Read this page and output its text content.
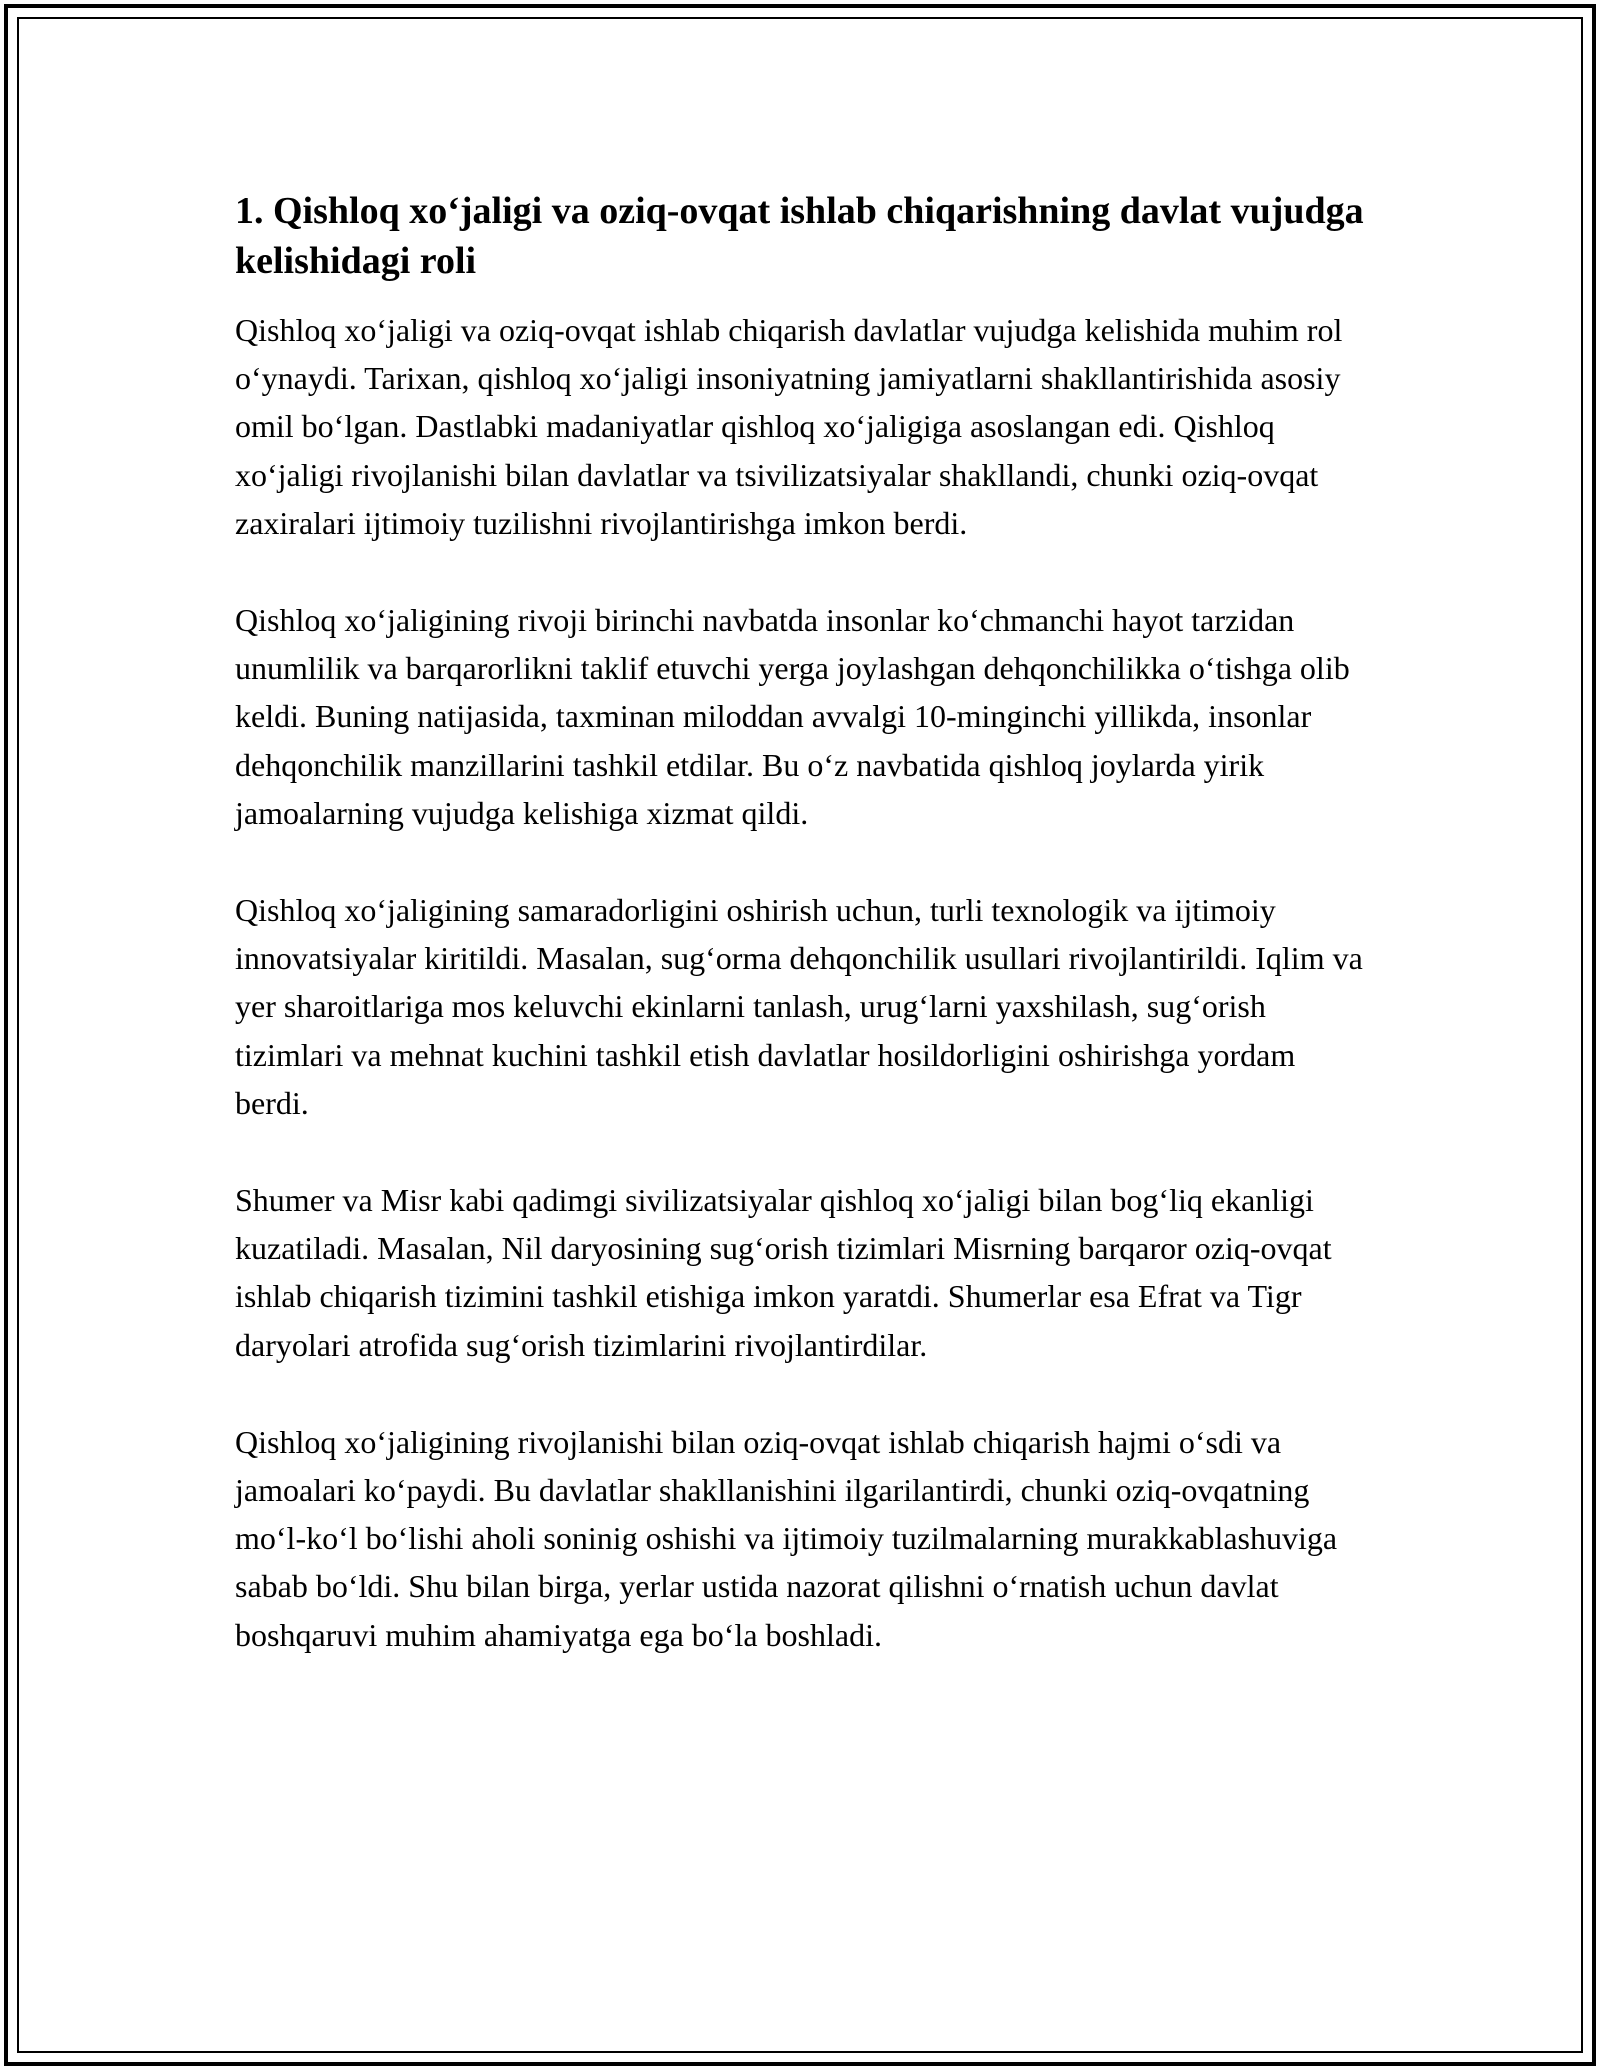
1. Qishloq xo‘jaligi va oziq-ovqat ishlab chiqarishning davlat vujudga kelishidagi roli

Qishloq xo‘jaligi va oziq-ovqat ishlab chiqarish davlatlar vujudga kelishida muhim rol o‘ynaydi. Tarixan, qishloq xo‘jaligi insoniyatning jamiyatlarni shakllantirishida asosiy omil bo‘lgan. Dastlabki madaniyatlar qishloq xo‘jaligiga asoslangan edi. Qishloq xo‘jaligi rivojlanishi bilan davlatlar va tsivilizatsiyalar shakllandi, chunki oziq-ovqat zaxiralari ijtimoiy tuzilishni rivojlantirishga imkon berdi.

Qishloq xo‘jaligining rivoji birinchi navbatda insonlar ko‘chmanchi hayot tarzidan unumlilik va barqarorlikni taklif etuvchi yerga joylashgan dehqonchilikka o‘tishga olib keldi. Buning natijasida, taxminan miloddan avvalgi 10-minginchi yillikda, insonlar dehqonchilik manzillarini tashkil etdilar. Bu o‘z navbatida qishloq joylarda yirik jamoalarning vujudga kelishiga xizmat qildi.

Qishloq xo‘jaligining samaradorligini oshirish uchun, turli texnologik va ijtimoiy innovatsiyalar kiritildi. Masalan, sug‘orma dehqonchilik usullari rivojlantirildi. Iqlim va yer sharoitlariga mos keluvchi ekinlarni tanlash, urug‘larni yaxshilash, sug‘orish tizimlari va mehnat kuchini tashkil etish davlatlar hosildorligini oshirishga yordam berdi.

Shumer va Misr kabi qadimgi sivilizatsiyalar qishloq xo‘jaligi bilan bog‘liq ekanligi kuzatiladi. Masalan, Nil daryosining sug‘orish tizimlari Misrning barqaror oziq-ovqat ishlab chiqarish tizimini tashkil etishiga imkon yaratdi. Shumerlar esa Efrat va Tigr daryolari atrofida sug‘orish tizimlarini rivojlantirdilar.

Qishloq xo‘jaligining rivojlanishi bilan oziq-ovqat ishlab chiqarish hajmi o‘sdi va jamoalari ko‘paydi. Bu davlatlar shakllanishini ilgarilantirdi, chunki oziq-ovqatning mo‘l-ko‘l bo‘lishi aholi soninig oshishi va ijtimoiy tuzilmalarning murakkablashuviga sabab bo‘ldi. Shu bilan birga, yerlar ustida nazorat qilishni o‘rnatish uchun davlat boshqaruvi muhim ahamiyatga ega bo‘la boshladi.
